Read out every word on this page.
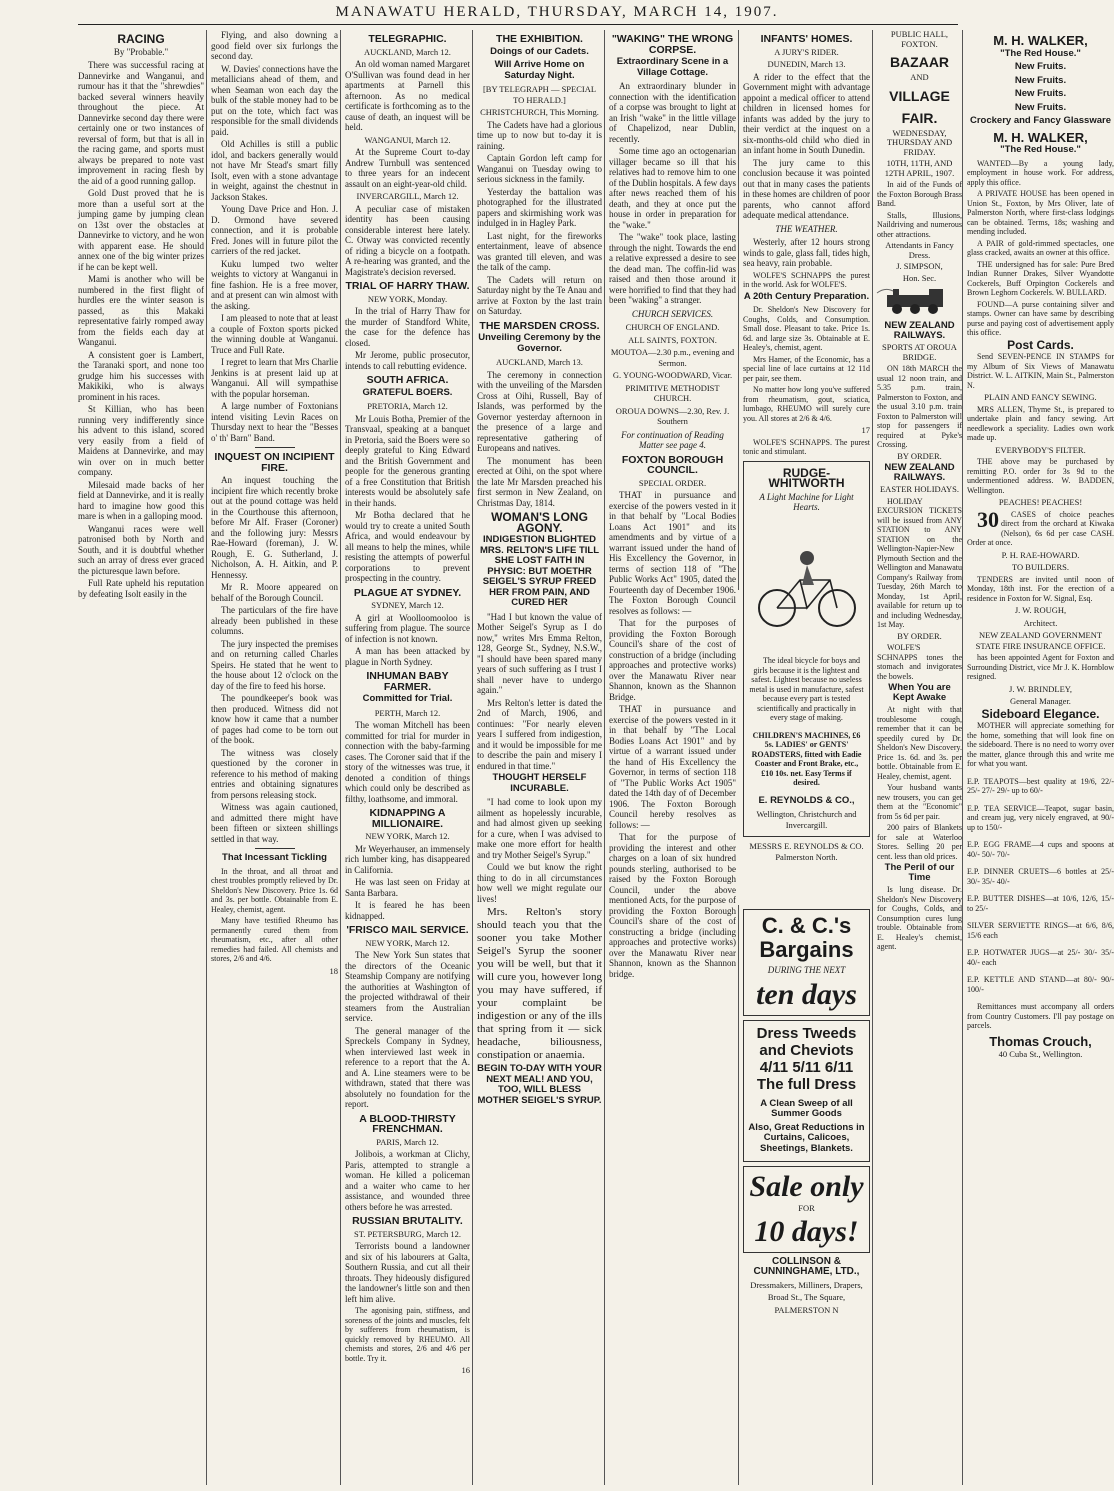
MANAWATU HERALD, THURSDAY, MARCH 14, 1907.
RACING
By "Probable."

There was successful racing at Dannevirke and Wanganui, and rumour has it that the "shrewdies" backed several winners heavily throughout the piece. At Dannevirke second day there were certainly one or two instances of reversal of form, but that is all in the racing game, and sports must always be prepared to note vast improvement in racing flesh by the aid of a good running gallop.

Gold Dust proved that he is more than a useful sort at the jumping game by jumping clean on 13st over the obstacles at Dannevirke to victory, and he won with apparent ease. He should annex one of the big winter prizes if he can be kept well.

Mami is another who will be numbered in the first flight of hurdles ere the winter season is passed, as this Makaki representative fairly romped away from the fields each day at Wanganui.

A consistent goer is Lambert, the Taranaki sport, and none too grudge him his successes with Makikiki, who is always prominent in his races.

St Killian, who has been running very indifferently since his advent to this island, scored very easily from a field of Maidens at Dannevirke, and may win over on in much better company.

Milesaid made backs of her field at Dannevirke, and it is really hard to imagine how good this mare is when in a galloping mood.

Wanganui races were well patronised both by North and South, and it is doubtful whether such an array of dress ever graced the picturesque lawn before.

Full Rate upheld his reputation by defeating Isolt easily in the

Flying, and also downing a good field over six furlongs the second day.

W. Davies' connections have the metallicians ahead of them, and when Seaman won each day the bulk of the stable money had to be put on the tote, which fact was responsible for the small dividends paid.

Old Achilles is still a public idol, and backers generally would not have Mr Stead's smart filly Isolt, even with a stone advantage in weight, against the chestnut in Jackson Stakes.

Young Dave Price and Hon. J. D. Ormond have severed connection, and it is probable Fred. Jones will in future pilot the carriers of the red jacket.

Kuku lumped two welter weights to victory at Wanganui in fine fashion. He is a free mover, and at present can win almost with the asking.

I am pleased to note that at least a couple of Foxton sports picked the winning double at Wanganui. Truce and Full Rate.

I regret to learn that Mrs Charlie Jenkins is at present laid up at Wanganui. All will sympathise with the popular horseman.

A large number of Foxtonians intend visiting Levin Races on Thursday next to hear the "Besses o' th' Barn" Band.

INQUEST ON INCIPIENT FIRE.

An inquest touching the incipient fire which recently broke out at the pound cottage was held in the Courthouse this afternoon, before Mr Alf. Fraser (Coroner) and the following jury: Messrs Rae-Howard (foreman), J. W. Rough, E. G. Sutherland, J. Nicholson, A. H. Aitkin, and P. Hennessy.

Mr R. Moore appeared on behalf of the Borough Council.

The particulars of the fire have already been published in these columns.

The jury inspected the premises and on returning called Charles Speirs. He stated that he went to the house about 12 o'clock on the day of the fire to feed his horse.

The poundkeeper's book was then produced. Witness did not know how it came that a number of pages had come to be torn out of the book.

The witness was closely questioned by the coroner in reference to his method of making entries and obtaining signatures from persons releasing stock.

Witness was again cautioned, and admitted there might have been fifteen or sixteen shillings settled in that way.

That Incessant Tickling

In the throat, and all throat and chest troubles promptly relieved by Dr. Sheldon's New Discovery. Price 1s. 6d and 3s. per bottle. Obtainable from E. Healey, chemist, agent.

Many have testified Rheumo has permanently cured them from rheumatism, etc., after all other remedies had failed. All chemists and stores, 2/6 and 4/6.

18
TELEGRAPHIC.
AUCKLAND, March 12.

An old woman named Margaret O'Sullivan was found dead in her apartments at Parnell this afternoon. As no medical certificate is forthcoming as to the cause of death, an inquest will be held.

WANGANUI, March 12.

At the Supreme Court to-day Andrew Turnbull was sentenced to three years for an indecent assault on an eight-year-old child.

INVERCARGILL, March 12.

A peculiar case of mistaken identity has been causing considerable interest here lately. C. Otway was convicted recently of riding a bicycle on a footpath. A re-hearing was granted, and the Magistrate's decision reversed.

TRIAL OF HARRY THAW.
NEW YORK, Monday.

In the trial of Harry Thaw for the murder of Standford White, the case for the defence has closed.

Mr Jerome, public prosecutor, intends to call rebutting evidence.

SOUTH AFRICA.
GRATEFUL BOERS.
PRETORIA, March 12.

Mr Louis Botha, Premier of the Transvaal, speaking at a banquet in Pretoria, said the Boers were so deeply grateful to King Edward and the British Government and people for the generous granting of a free Constitution that British interests would be absolutely safe in their hands.

Mr Botha declared that he would try to create a united South Africa, and would endeavour by all means to help the mines, while resisting the attempts of powerful corporations to prevent prospecting in the country.

PLAGUE AT SYDNEY.
SYDNEY, March 12.

A girl at Woolloomooloo is suffering from plague. The source of infection is not known.

A man has been attacked by plague in North Sydney.

INHUMAN BABY FARMER.
Committed for Trial.
PERTH, March 12.

The woman Mitchell has been committed for trial for murder in connection with the baby-farming cases. The Coroner said that if the story of the witnesses was true, it denoted a condition of things which could only be described as filthy, loathsome, and immoral.

KIDNAPPING A MILLIONAIRE.
NEW YORK, March 12.

Mr Weyerhauser, an immensely rich lumber king, has disappeared in California.

He was last seen on Friday at Santa Barbara.

It is feared he has been kidnapped.

'FRISCO MAIL SERVICE.
NEW YORK, March 12.

The New York Sun states that the directors of the Oceanic Steamship Company are notifying the authorities at Washington of the projected withdrawal of their steamers from the Australian service.

The general manager of the Spreckels Company in Sydney, when interviewed last week in reference to a report that the A. and A. Line steamers were to be withdrawn, stated that there was absolutely no foundation for the report.

A BLOOD-THIRSTY FRENCHMAN.
PARIS, March 12.

Jolibois, a workman at Clichy, Paris, attempted to strangle a woman. He killed a policeman and a waiter who came to her assistance, and wounded three others before he was arrested.

RUSSIAN BRUTALITY.
ST. PETERSBURG, March 12.

Terrorists bound a landowner and six of his labourers at Galta, Southern Russia, and cut all their throats. They hideously disfigured the landowner's little son and then left him alive.

The agonising pain, stiffness, and soreness of the joints and muscles, felt by sufferers from rheumatism, is quickly removed by RHEUMO. All chemists and stores, 2/6 and 4/6 per bottle. Try it.

16
THE EXHIBITION.
Doings of our Cadets.
Will Arrive Home on Saturday Night.
[BY TELEGRAPH — SPECIAL TO HERALD.]
CHRISTCHURCH, This Morning.

The Cadets have had a glorious time up to now but to-day it is raining.

Captain Gordon left camp for Wanganui on Tuesday owing to serious sickness in the family.

Yesterday the battalion was photographed for the illustrated papers and skirmishing work was indulged in in Hagley Park.

Last night, for the fireworks entertainment, leave of absence was granted till eleven, and was the talk of the camp.

The Cadets will return on Saturday night by the Te Anau and arrive at Foxton by the last train on Saturday.

THE MARSDEN CROSS.
Unveiling Ceremony by the Governor.
AUCKLAND, March 13.

The ceremony in connection with the unveiling of the Marsden Cross at Oihi, Russell, Bay of Islands, was performed by the Governor yesterday afternoon in the presence of a large and representative gathering of Europeans and natives.

The monument has been erected at Oihi, on the spot where the late Mr Marsden preached his first sermon in New Zealand, on Christmas Day, 1814.

WOMAN'S LONG AGONY.
INDIGESTION BLIGHTED MRS. RELTON'S LIFE TILL SHE LOST FAITH IN PHYSIC: BUT MOETHR SEIGEL'S SYRUP FREED HER FROM PAIN, AND CURED HER

"Had I but known the value of Mother Seigel's Syrup as I do now," writes Mrs Emma Relton, 128, George St., Sydney, N.S.W., "I should have been spared many years of such suffering as I trust I shall never have to undergo again."

Mrs Relton's letter is dated the 2nd of March, 1906, and continues: "For nearly eleven years I suffered from indigestion, and it would be impossible for me to describe the pain and misery I endured in that time."

THOUGHT HERSELF INCURABLE.

"I had come to look upon my ailment as hopelessly incurable, and had almost given up seeking for a cure, when I was advised to make one more effort for health and try Mother Seigel's Syrup."

Could we but know the right thing to do in all circumstances how well we might regulate our lives!

Mrs. Relton's story should teach you that the sooner you take Mother Seigel's Syrup the sooner you will be well, but that it will cure you, however long you may have suffered, if your complaint be indigestion or any of the ills that spring from it — sick headache, biliousness, constipation or anaemia.

BEGIN TO-DAY WITH YOUR NEXT MEAL! AND YOU, TOO, WILL BLESS MOTHER SEIGEL'S SYRUP.
"WAKING" THE WRONG CORPSE.
Extraordinary Scene in a Village Cottage.

An extraordinary blunder in connection with the identification of a corpse was brought to light at an Irish "wake" in the little village of Chapelizod, near Dublin, recently.

Some time ago an octogenarian villager became so ill that his relatives had to remove him to one of the Dublin hospitals. A few days after news reached them of his death, and they at once put the house in order in preparation for the "wake."

The "wake" took place, lasting through the night. Towards the end a relative expressed a desire to see the dead man. The coffin-lid was raised and then those around it were horrified to find that they had been "waking" a stranger.

CHURCH SERVICES.
CHURCH OF ENGLAND.
ALL SAINTS, FOXTON.
MOUTOA—2.30 p.m., evening and Sermon.
G. YOUNG-WOODWARD, Vicar.
PRIMITIVE METHODIST CHURCH.
OROUA DOWNS—2.30, Rev. J. Southern
For continuation of Reading Matter see page 4.
FOXTON BOROUGH COUNCIL.
SPECIAL ORDER.

THAT in pursuance and exercise of the powers vested in it in that behalf by "Local Bodies Loans Act 1901" and its amendments and by virtue of a warrant issued under the hand of His Excellency the Governor, in terms of section 118 of "The Public Works Act" 1905, dated the Fourteenth day of December 1906. The Foxton Borough Council resolves as follows: —

That for the purposes of providing the Foxton Borough Council's share of the cost of construction of a bridge (including approaches and protective works) over the Manawatu River near Shannon, known as the Shannon Bridge.

THAT in pursuance and exercise of the powers vested in it in that behalf by "The Local Bodies Loans Act 1901" and by virtue of a warrant issued under the hand of His Excellency the Governor, in terms of section 118 of "The Public Works Act 1905" dated the 14th day of of December 1906. The Foxton Borough Council hereby resolves as follows: —

That for the purpose of providing the interest and other charges on a loan of six hundred pounds sterling, authorised to be raised by the Foxton Borough Council, under the above mentioned Acts, for the purpose of providing the Foxton Borough Council's share of the cost of constructing a bridge (including approaches and protective works) over the Manawatu River near Shannon, known as the Shannon bridge.

INFANTS' HOMES.
A JURY'S RIDER.
DUNEDIN, March 13.

A rider to the effect that the Government might with advantage appoint a medical officer to attend children in licensed homes for infants was added by the jury to their verdict at the inquest on a six-months-old child who died in an infant home in South Dunedin.

The jury came to this conclusion because it was pointed out that in many cases the patients in these homes are children of poor parents, who cannot afford adequate medical attendance.

THE WEATHER.

Westerly, after 12 hours strong winds to gale, glass fall, tides high, sea heavy, rain probable.

WOLFE'S SCHNAPPS the purest in the world. Ask for WOLFE'S.

A 20th Century Preparation.

Dr. Sheldon's New Discovery for Coughs, Colds, and Consumption. Small dose. Pleasant to take. Price 1s. 6d. and large size 3s. Obtainable at E. Healey's, chemist, agent.

Mrs Hamer, of the Economic, has a special line of lace curtains at 12 11d per pair, see them.

No matter how long you've suffered from rheumatism, gout, sciatica, lumbago, RHEUMO will surely cure you. All stores at 2/6 & 4/6.

17

WOLFE'S SCHNAPPS. The purest tonic and stimulant.

RUDGE-WHITWORTH
A Light Machine for Light Hearts.

The ideal bicycle for boys and girls because it is the lightest and safest. Lightest because no useless metal is used in manufacture, safest because every part is tested scientifically and practically in every stage of making.

CHILDREN'S MACHINES, £6 5s. LADIES' or GENTS' ROADSTERS, fitted with Eadie Coaster and Front Brake, etc., £10 10s. net. Easy Terms if desired.

E. REYNOLDS & CO.,
Wellington, Christchurch and Invercargill.
MESSRS E. REYNOLDS & CO. Palmerston North.
C. & C.'s
Bargains
DURING THE NEXT
ten days
Dress Tweeds and Cheviots
4/11 5/11 6/11
The full Dress
A Clean Sweep of all Summer Goods
Also, Great Reductions in Curtains, Calicoes, Sheetings, Blankets.
Sale only
FOR
10 days!
COLLINSON & CUNNINGHAME, LTD.,
Dressmakers, Milliners, Drapers,
Broad St., The Square,
PALMERSTON N
M. H. WALKER,
"The Red House."
New Fruits.
New Fruits.
New Fruits.
New Fruits.
Crockery and Fancy Glassware
M. H. WALKER,
"The Red House."

WANTED—By a young lady, employment in house work. For address, apply this office.

A PRIVATE HOUSE has been opened in Union St., Foxton, by Mrs Oliver, late of Palmerston North, where first-class lodgings can be obtained. Terms, 18s; washing and mending included.

A PAIR of gold-rimmed spectacles, one glass cracked, awaits an owner at this office.

THE undersigned has for sale: Pure Bred Indian Runner Drakes, Silver Wyandotte Cockerels, Buff Orpington Cockerels and Brown Leghorn Cockerels. W. BULLARD.

FOUND—A purse containing silver and stamps. Owner can have same by describing purse and paying cost of advertisement apply this office.

Post Cards.

Send SEVEN-PENCE IN STAMPS for my Album of Six Views of Manawatu District. W. L. AITKIN, Main St., Palmerston N.

PLAIN AND FANCY SEWING.

MRS ALLEN, Thyme St., is prepared to undertake plain and fancy sewing. Art needlework a speciality. Ladies own work made up.

EVERYBODY'S FILTER.

THE above may be purchased by remitting P.O. order for 3s 9d to the undermentioned address. W. BADDEN, Wellington.

PEACHES! PEACHES!

30 CASES of choice peaches direct from the orchard at Kiwaka (Nelson), 6s 6d per case CASH. Order at once.

P. H. RAE-HOWARD.
TO BUILDERS.

TENDERS are invited until noon of Monday, 18th inst. For the erection of a residence in Foxton for W. Signal, Esq.

J. W. ROUGH,
Architect.
NEW ZEALAND GOVERNMENT STATE FIRE INSURANCE OFFICE.

has been appointed Agent for Foxton and Surrounding District, vice Mr J. K. Hornblow resigned.

J. W. BRINDLEY,
General Manager.
Sideboard Elegance.

MOTHER will appreciate something for the home, something that will look fine on the sideboard. There is no need to worry over the matter, glance through this and write me for what you want.

E.P. TEAPOTS—best quality at 19/6, 22/- 25/- 27/- 29/- up to 60/-

E.P. TEA SERVICE—Teapot, sugar basin, and cream jug, very nicely engraved, at 90/- up to 150/-

E.P. EGG FRAME—4 cups and spoons at 40/- 50/- 70/-

E.P. DINNER CRUETS—6 bottles at 25/- 30/- 35/- 40/-

E.P. BUTTER DISHES—at 10/6, 12/6, 15/- to 25/-

SILVER SERVIETTE RINGS—at 6/6, 8/6, 15/6 each

E.P. HOTWATER JUGS—at 25/- 30/- 35/- 40/- each

E.P. KETTLE AND STAND—at 80/- 90/- 100/-

Remittances must accompany all orders from Country Customers. I'll pay postage on parcels.

Thomas Crouch,
40 Cuba St., Wellington.
PUBLIC HALL, FOXTON.
BAZAAR
AND
VILLAGE FAIR.
WEDNESDAY, THURSDAY AND FRIDAY.
10TH, 11TH, AND 12TH APRIL, 1907.
In aid of the Funds of the Foxton Borough Brass Band.
Stalls, Illusions, Naildriving and numerous other attractions.
Attendants in Fancy Dress.
J. SIMPSON,
Hon. Sec.
NEW ZEALAND RAILWAYS.
SPORTS AT OROUA BRIDGE.
ON 18th MARCH the usual 12 noon train, and 5.35 p.m. train, Palmerston to Foxton, and the usual 3.10 p.m. train Foxton to Palmerston will stop for passengers if required at Pyke's Crossing.
BY ORDER.
NEW ZEALAND RAILWAYS.
EASTER HOLIDAYS.
HOLIDAY EXCURSION TICKETS will be issued from ANY STATION to ANY STATION on the Wellington-Napier-New Plymouth Section and the Wellington and Manawatu Company's Railway from Tuesday, 26th March to Monday, 1st April, available for return up to and including Wednesday, 1st May.
BY ORDER.
WOLFE'S SCHNAPPS tones the stomach and invigorates the bowels.
When You are Kept Awake
At night with that troublesome cough, remember that it can be speedily cured by Dr. Sheldon's New Discovery. Price 1s. 6d. and 3s. per bottle. Obtainable from E. Healey, chemist, agent.
Your husband wants new trousers, you can get them at the "Economic" from 5s 6d per pair.
200 pairs of Blankets for sale at Waterloo Stores. Selling 20 per cent. less than old prices.
The Peril of our Time
Is lung disease. Dr. Sheldon's New Discovery for Coughs, Colds, and Consumption cures lung trouble. Obtainable from E. Healey's chemist, agent.
